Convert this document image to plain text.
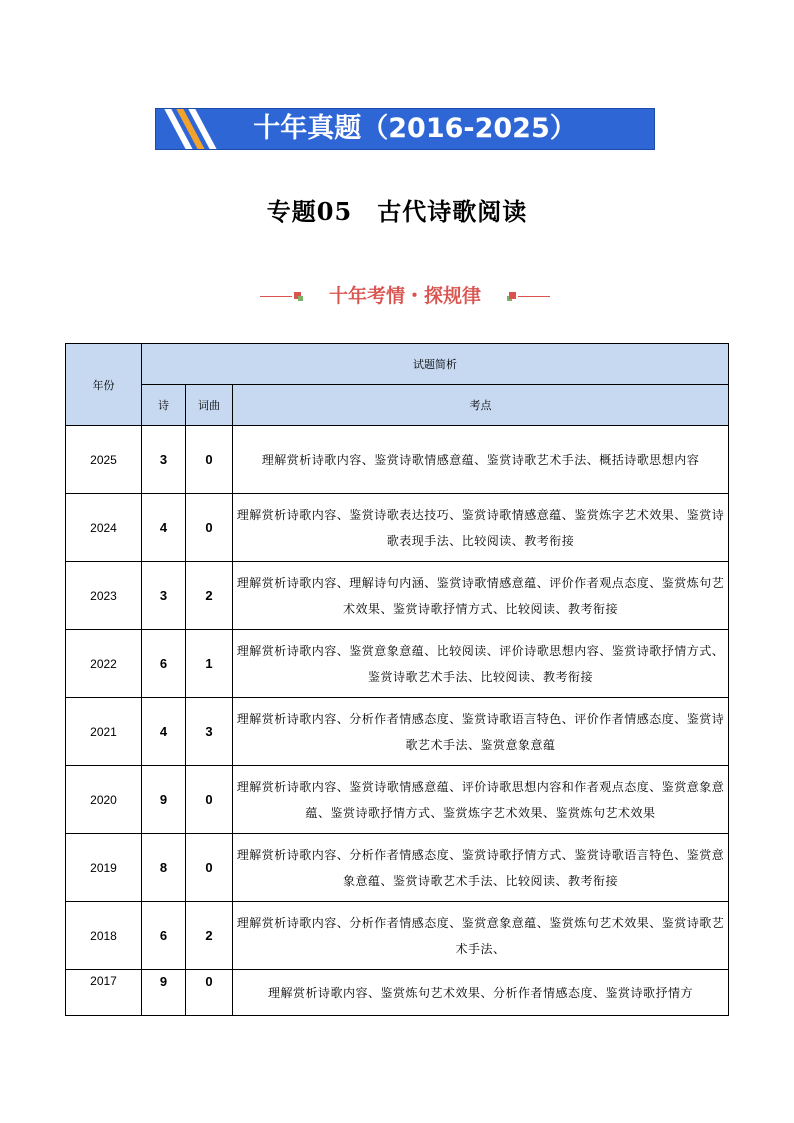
十年真题（2016-2025）
专题05　古代诗歌阅读
十年考情・探规律
年份	试题简析		
	诗	词曲	考点
2025	3	0	理解赏析诗歌内容、鉴赏诗歌情感意蕴、鉴赏诗歌艺术手法、概括诗歌思想内容
2024	4	0	理解赏析诗歌内容、鉴赏诗歌表达技巧、鉴赏诗歌情感意蕴、鉴赏炼字艺术效果、鉴赏诗歌表现手法、比较阅读、教考衔接
2023	3	2	理解赏析诗歌内容、理解诗句内涵、鉴赏诗歌情感意蕴、评价作者观点态度、鉴赏炼句艺术效果、鉴赏诗歌抒情方式、比较阅读、教考衔接
2022	6	1	理解赏析诗歌内容、鉴赏意象意蕴、比较阅读、评价诗歌思想内容、鉴赏诗歌抒情方式、鉴赏诗歌艺术手法、比较阅读、教考衔接
2021	4	3	理解赏析诗歌内容、分析作者情感态度、鉴赏诗歌语言特色、评价作者情感态度、鉴赏诗歌艺术手法、鉴赏意象意蕴
2020	9	0	理解赏析诗歌内容、鉴赏诗歌情感意蕴、评价诗歌思想内容和作者观点态度、鉴赏意象意蕴、鉴赏诗歌抒情方式、鉴赏炼字艺术效果、鉴赏炼句艺术效果
2019	8	0	理解赏析诗歌内容、分析作者情感态度、鉴赏诗歌抒情方式、鉴赏诗歌语言特色、鉴赏意象意蕴、鉴赏诗歌艺术手法、比较阅读、教考衔接
2018	6	2	理解赏析诗歌内容、分析作者情感态度、鉴赏意象意蕴、鉴赏炼句艺术效果、鉴赏诗歌艺术手法、
2017	9	0	理解赏析诗歌内容、鉴赏炼句艺术效果、分析作者情感态度、鉴赏诗歌抒情方
